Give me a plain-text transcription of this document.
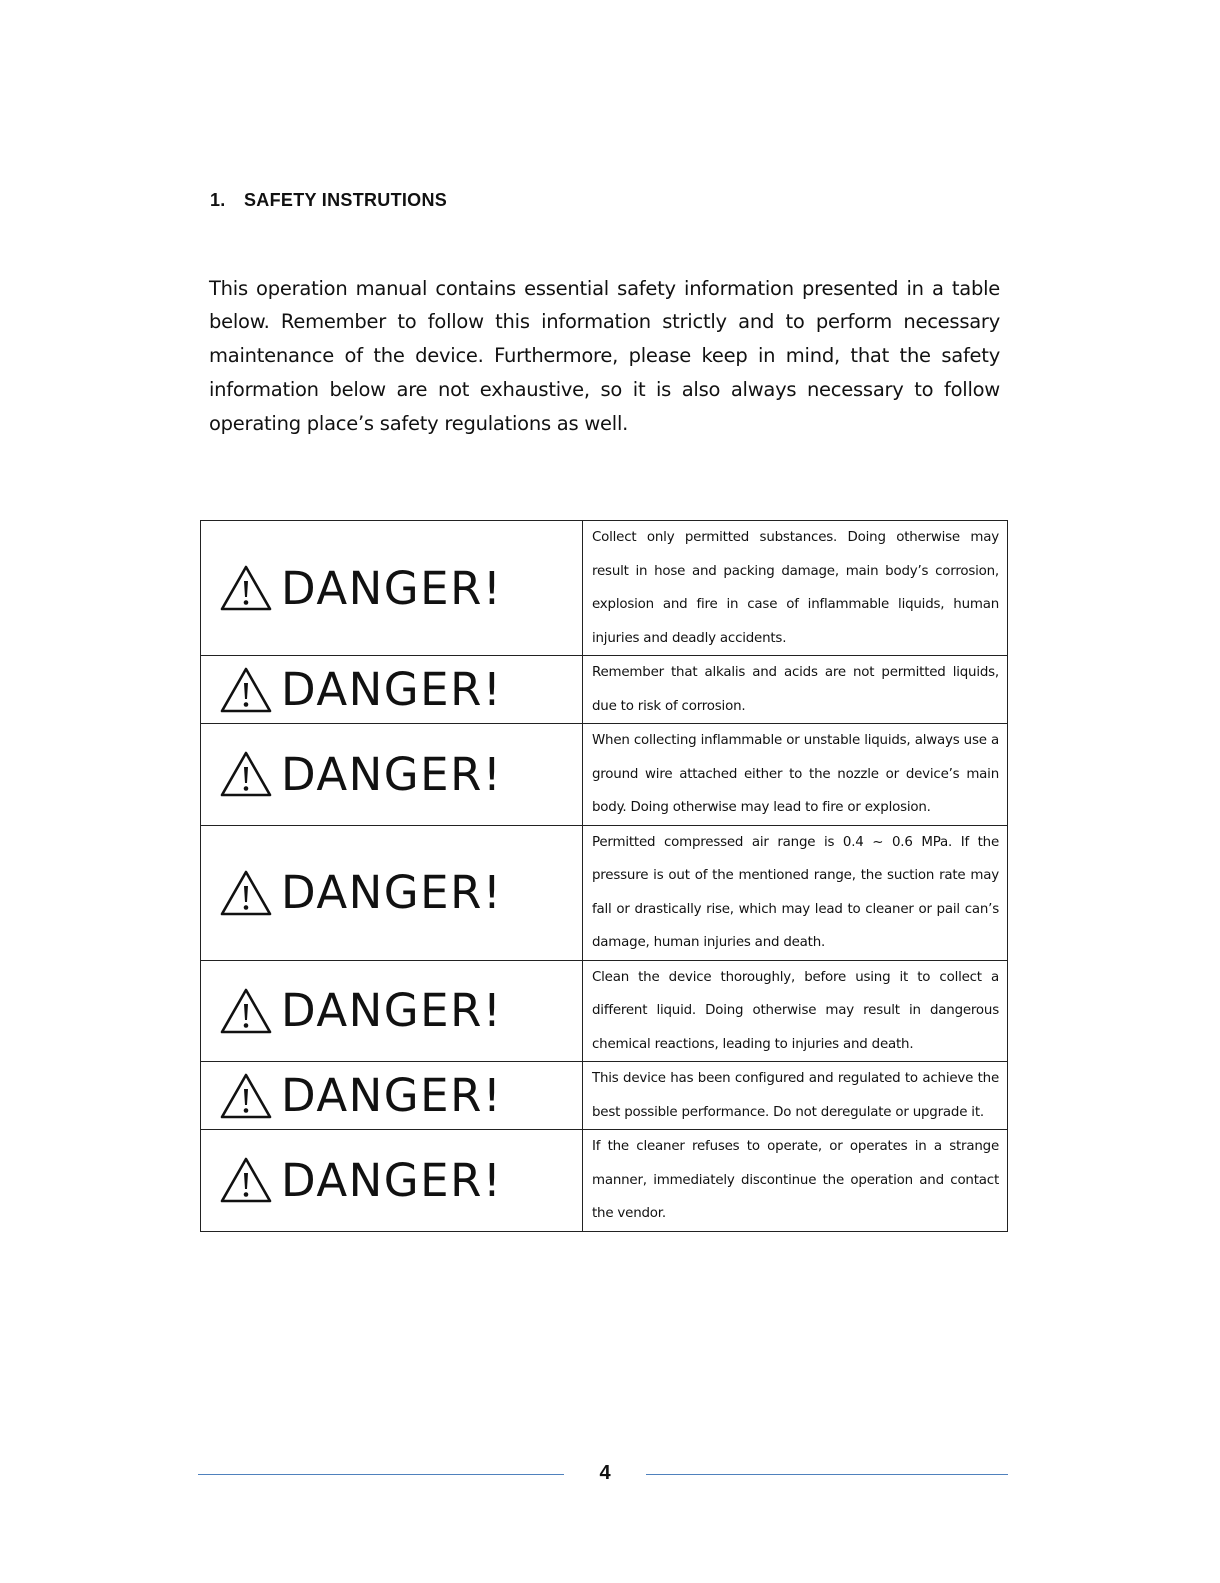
1. SAFETY INSTRUTIONS

This operation manual contains essential safety information presented in a table below. Remember to follow this information strictly and to perform necessary maintenance of the device. Furthermore, please keep in mind, that the safety information below are not exhaustive, so it is also always necessary to follow operating place’s safety regulations as well.

DANGER!	Collect only permitted substances. Doing otherwise may result in hose and packing damage, main body’s corrosion, explosion and fire in case of inflammable liquids, human injuries and deadly accidents.

DANGER!	Remember that alkalis and acids are not permitted liquids, due to risk of corrosion.

DANGER!	When collecting inflammable or unstable liquids, always use a ground wire attached either to the nozzle or device’s main body. Doing otherwise may lead to fire or explosion.

DANGER!	Permitted compressed air range is 0.4 ~ 0.6 MPa. If the pressure is out of the mentioned range, the suction rate may fall or drastically rise, which may lead to cleaner or pail can’s damage, human injuries and death.

DANGER!	Clean the device thoroughly, before using it to collect a different liquid. Doing otherwise may result in dangerous chemical reactions, leading to injuries and death.

DANGER!	This device has been configured and regulated to achieve the best possible performance. Do not deregulate or upgrade it.

DANGER!	If the cleaner refuses to operate, or operates in a strange manner, immediately discontinue the operation and contact the vendor.
4
